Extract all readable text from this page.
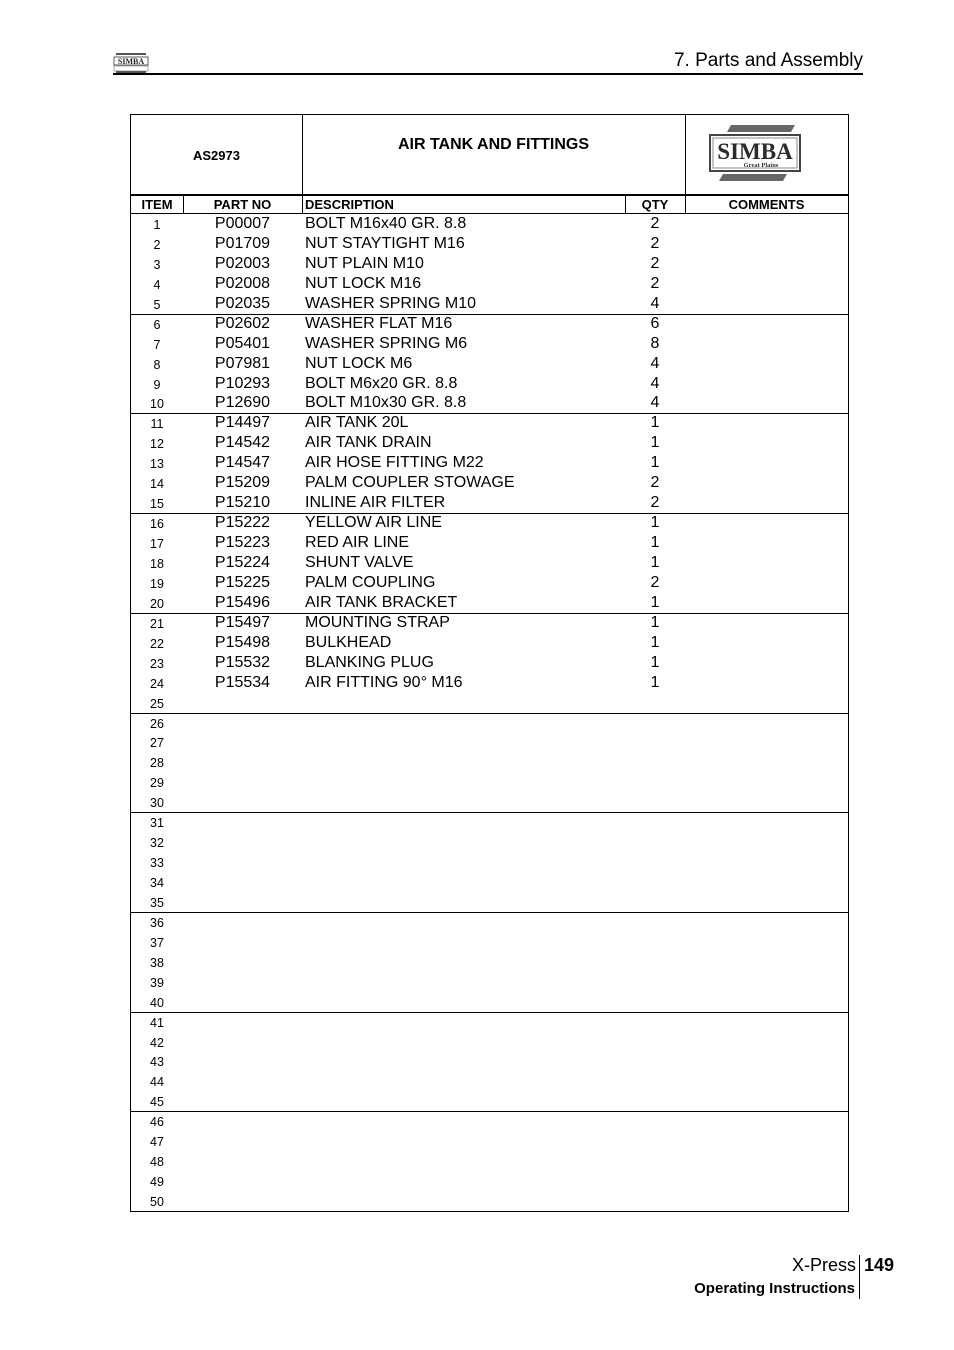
SIMBA	7. Parts and Assembly
AS2973
AIR TANK AND FITTINGS	SIMBA
Great Plains
ITEM	PART NO	DESCRIPTION	QTY	COMMENTS
1	P00007	BOLT M16x40 GR. 8.8	2
2	P01709	NUT STAYTIGHT M16	2
3	P02003	NUT PLAIN M10	2
4	P02008	NUT LOCK M16	2
5	P02035	WASHER SPRING M10	4
6	P02602	WASHER FLAT M16	6
7	P05401	WASHER SPRING M6	8
8	P07981	NUT LOCK M6	4
9	P10293	BOLT M6x20 GR. 8.8	4
10	P12690	BOLT M10x30 GR. 8.8	4
11	P14497	AIR TANK 20L	1
12	P14542	AIR TANK DRAIN	1
13	P14547	AIR HOSE FITTING M22	1
14	P15209	PALM COUPLER STOWAGE	2
15	P15210	INLINE AIR FILTER	2
16	P15222	YELLOW AIR LINE	1
17	P15223	RED AIR LINE	1
18	P15224	SHUNT VALVE	1
19	P15225	PALM COUPLING	2
20	P15496	AIR TANK BRACKET	1
21	P15497	MOUNTING STRAP	1
22	P15498	BULKHEAD	1
23	P15532	BLANKING PLUG	1
24	P15534	AIR FITTING 90° M16	1
25
26
27
28
29
30
31
32
33
34
35
36
37
38
39
40
41
42
43
44
45
46
47
48
49
50
X-Press 149
Operating Instructions
